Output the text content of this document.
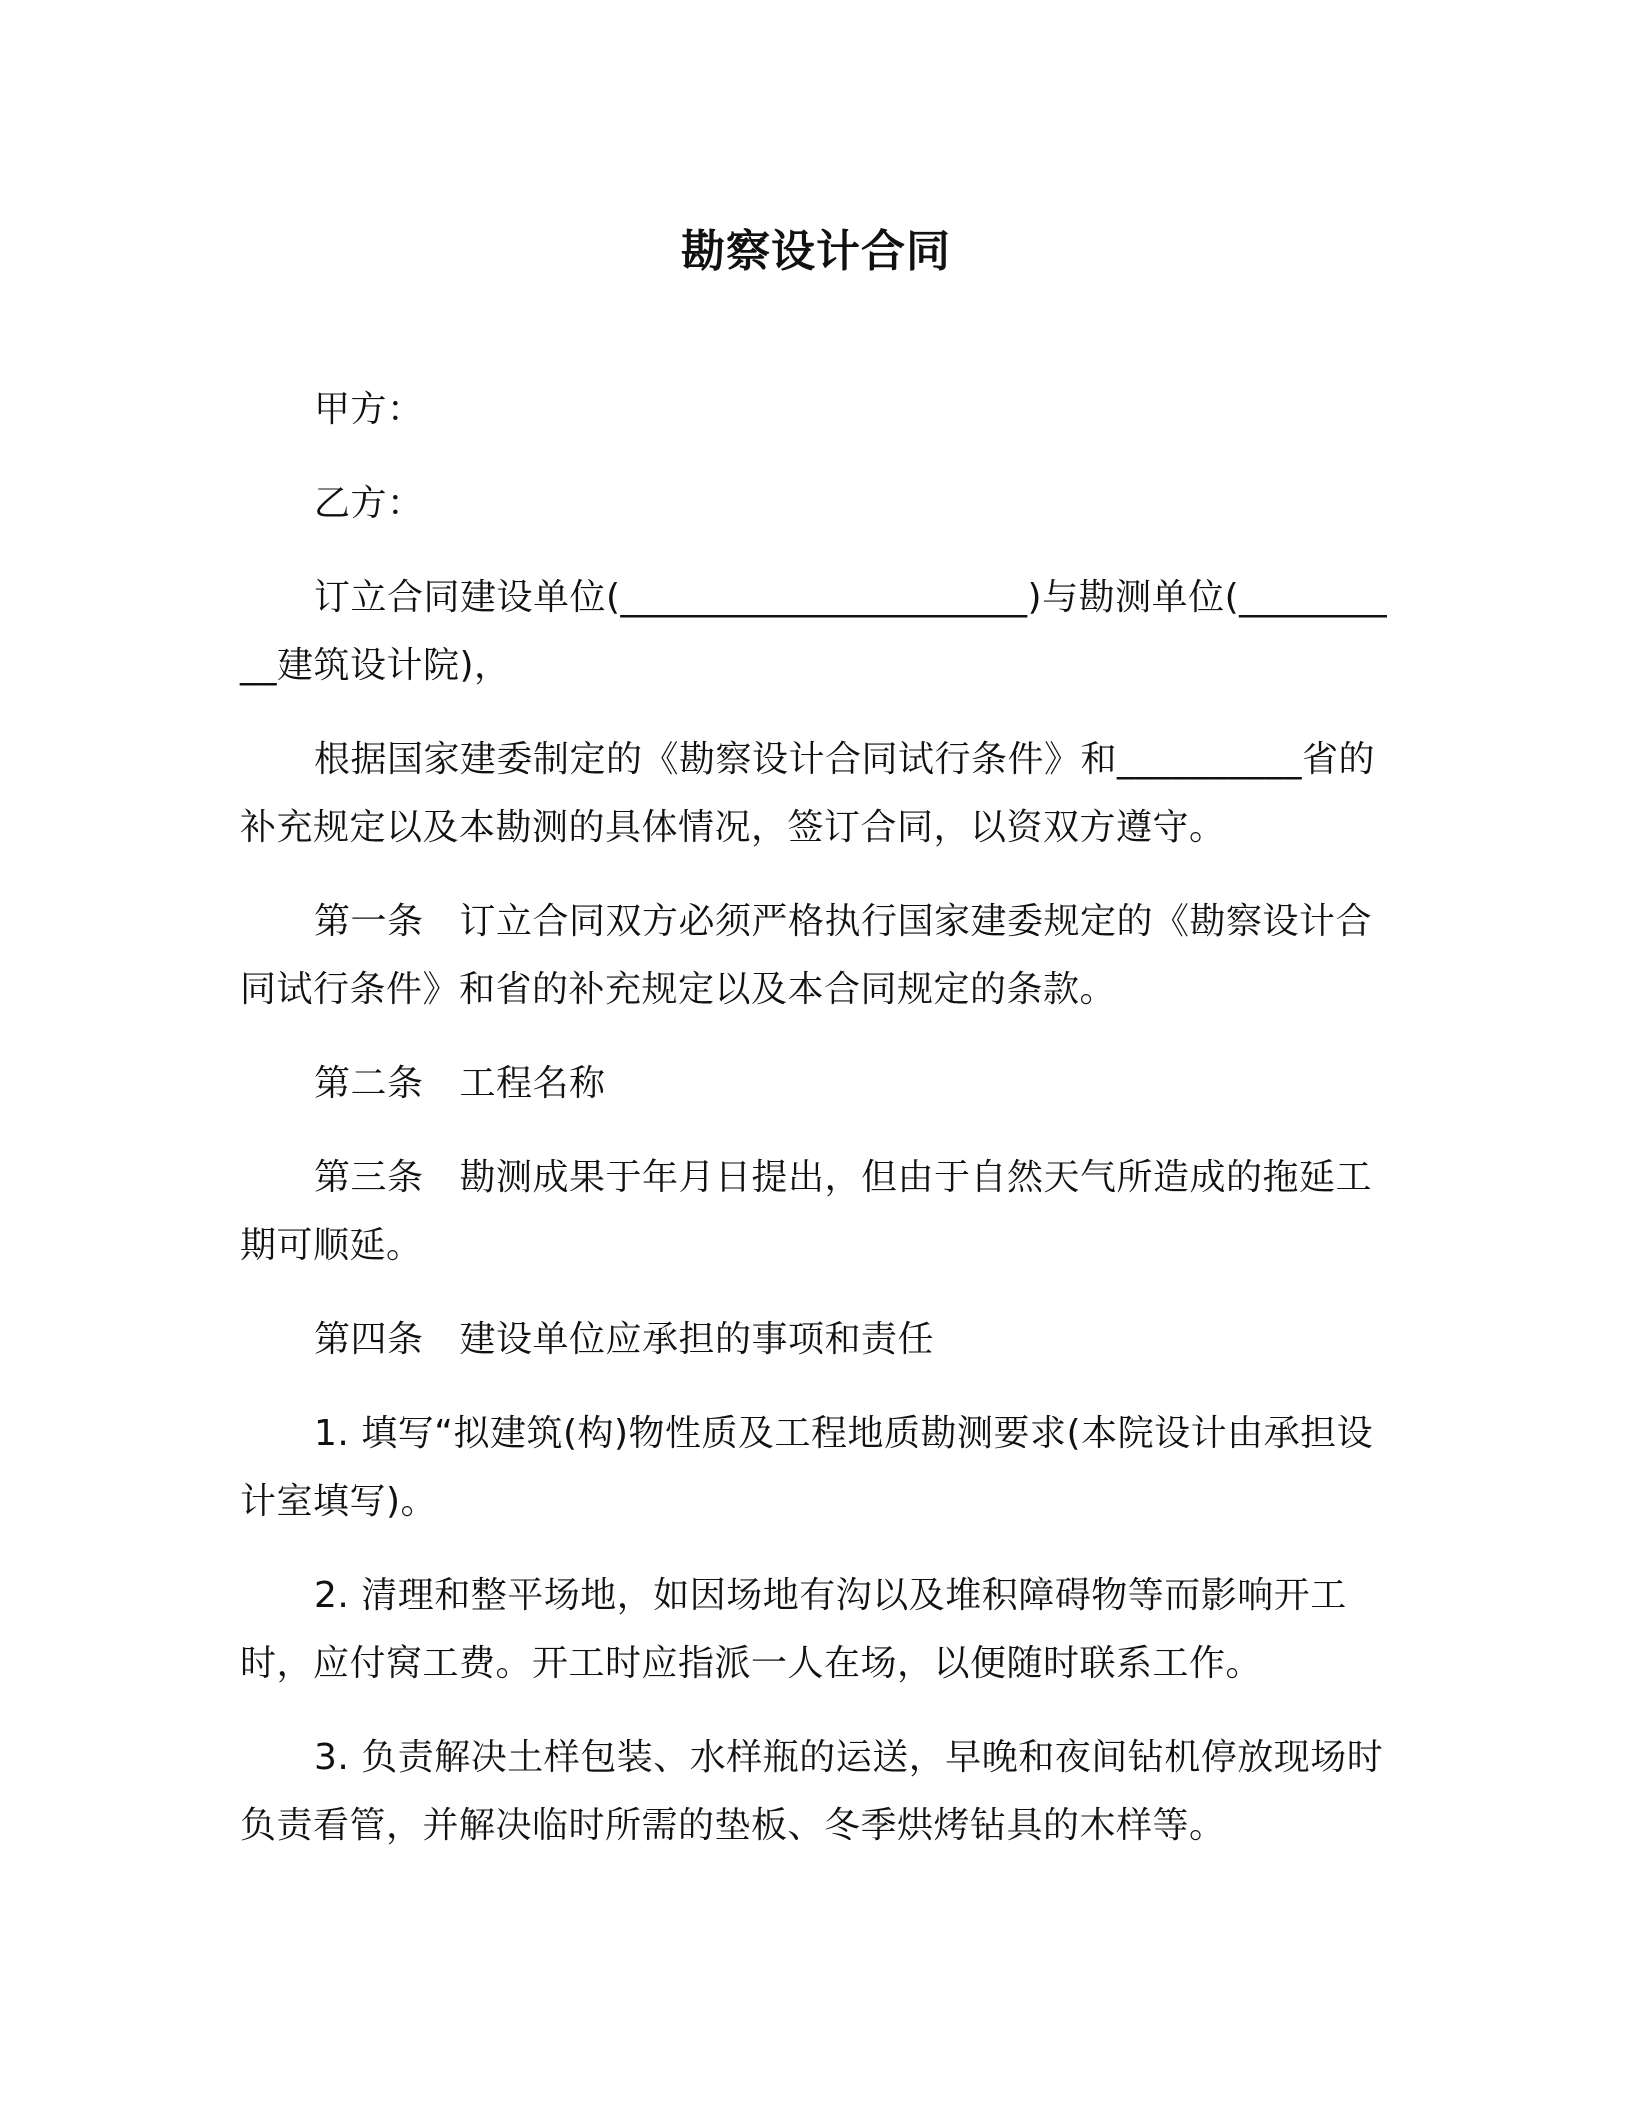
勘察设计合同

甲方：

乙方：

订立合同建设单位(______________________)与勘测单位(__________建筑设计院)，

根据国家建委制定的《勘察设计合同试行条件》和__________省的补充规定以及本勘测的具体情况，签订合同，以资双方遵守。

第一条 订立合同双方必须严格执行国家建委规定的《勘察设计合同试行条件》和省的补充规定以及本合同规定的条款。

第二条 工程名称

第三条 勘测成果于年月日提出，但由于自然天气所造成的拖延工期可顺延。

第四条 建设单位应承担的事项和责任

1. 填写“拟建筑(构)物性质及工程地质勘测要求(本院设计由承担设计室填写)。

2. 清理和整平场地，如因场地有沟以及堆积障碍物等而影响开工时，应付窝工费。开工时应指派一人在场，以便随时联系工作。

3. 负责解决土样包装、水样瓶的运送，早晚和夜间钻机停放现场时负责看管，并解决临时所需的垫板、冬季烘烤钻具的木样等。
